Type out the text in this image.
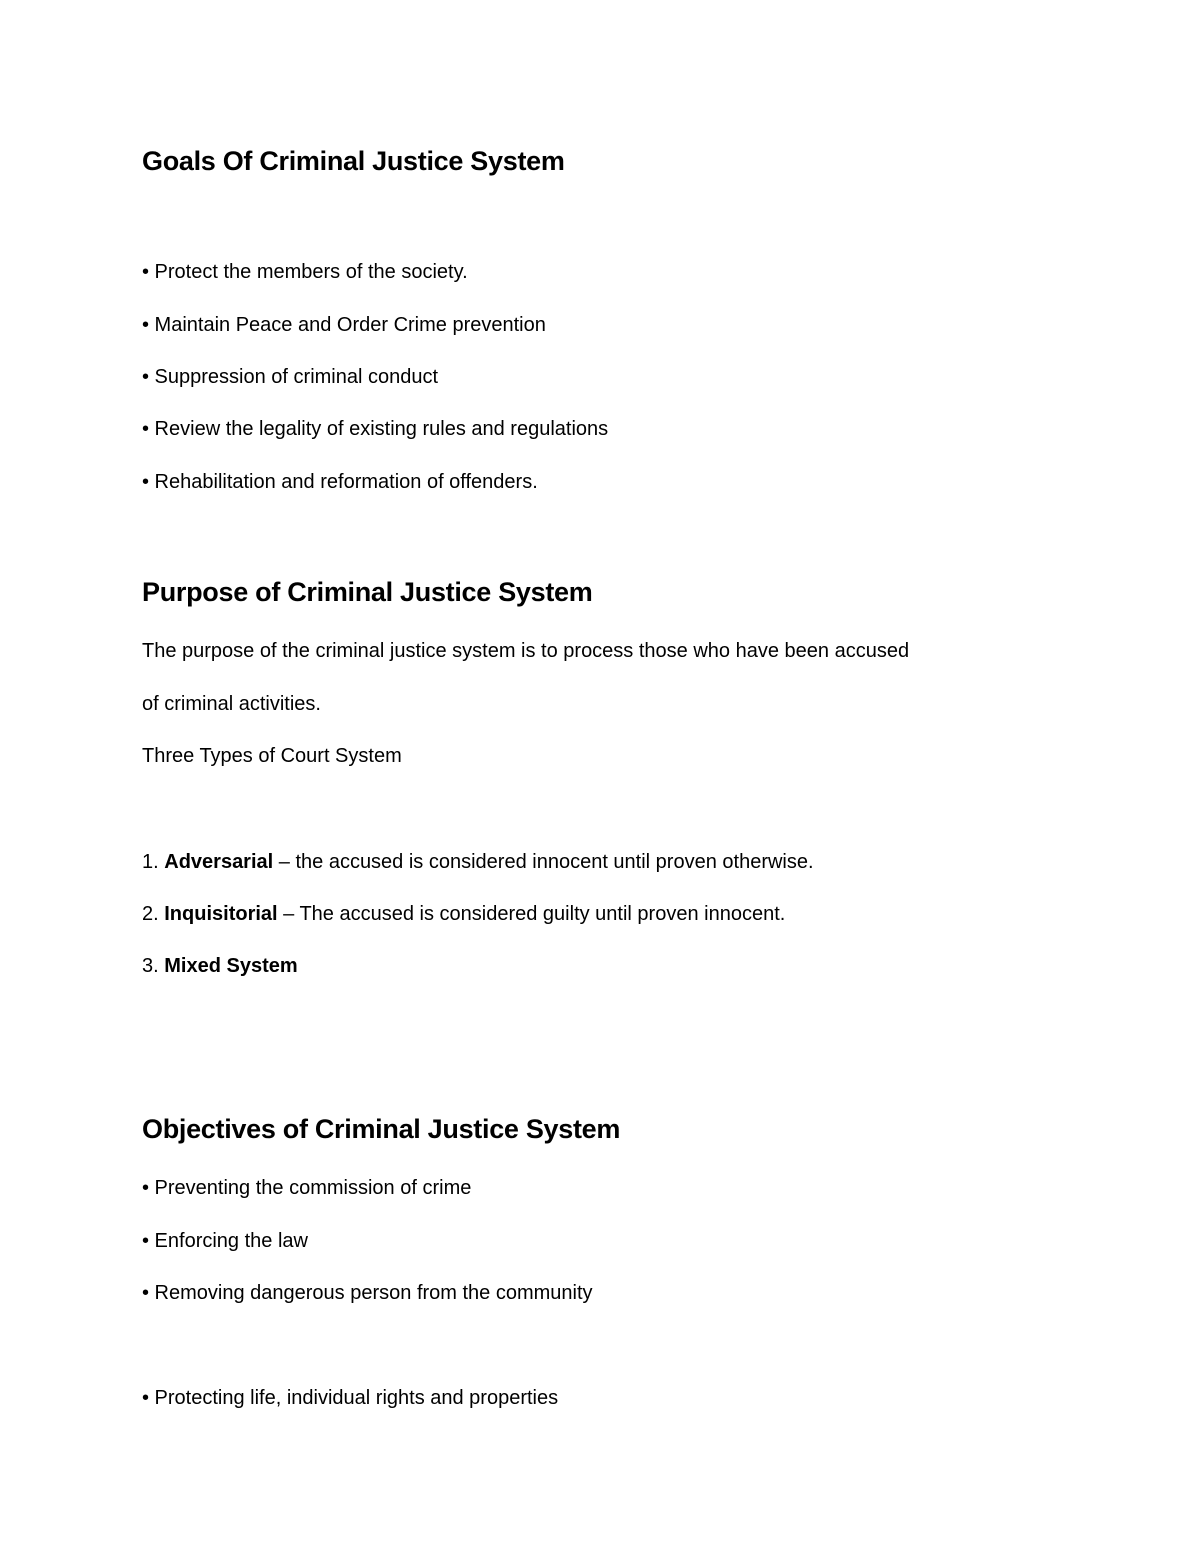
Goals Of Criminal Justice System

• Protect the members of the society.

• Maintain Peace and Order Crime prevention

• Suppression of criminal conduct

• Review the legality of existing rules and regulations

• Rehabilitation and reformation of offenders.

Purpose of Criminal Justice System

The purpose of the criminal justice system is to process those who have been accused

of criminal activities.

Three Types of Court System

1. Adversarial – the accused is considered innocent until proven otherwise.

2. Inquisitorial – The accused is considered guilty until proven innocent.

3. Mixed System

Objectives of Criminal Justice System

• Preventing the commission of crime

• Enforcing the law

• Removing dangerous person from the community

• Protecting life, individual rights and properties
